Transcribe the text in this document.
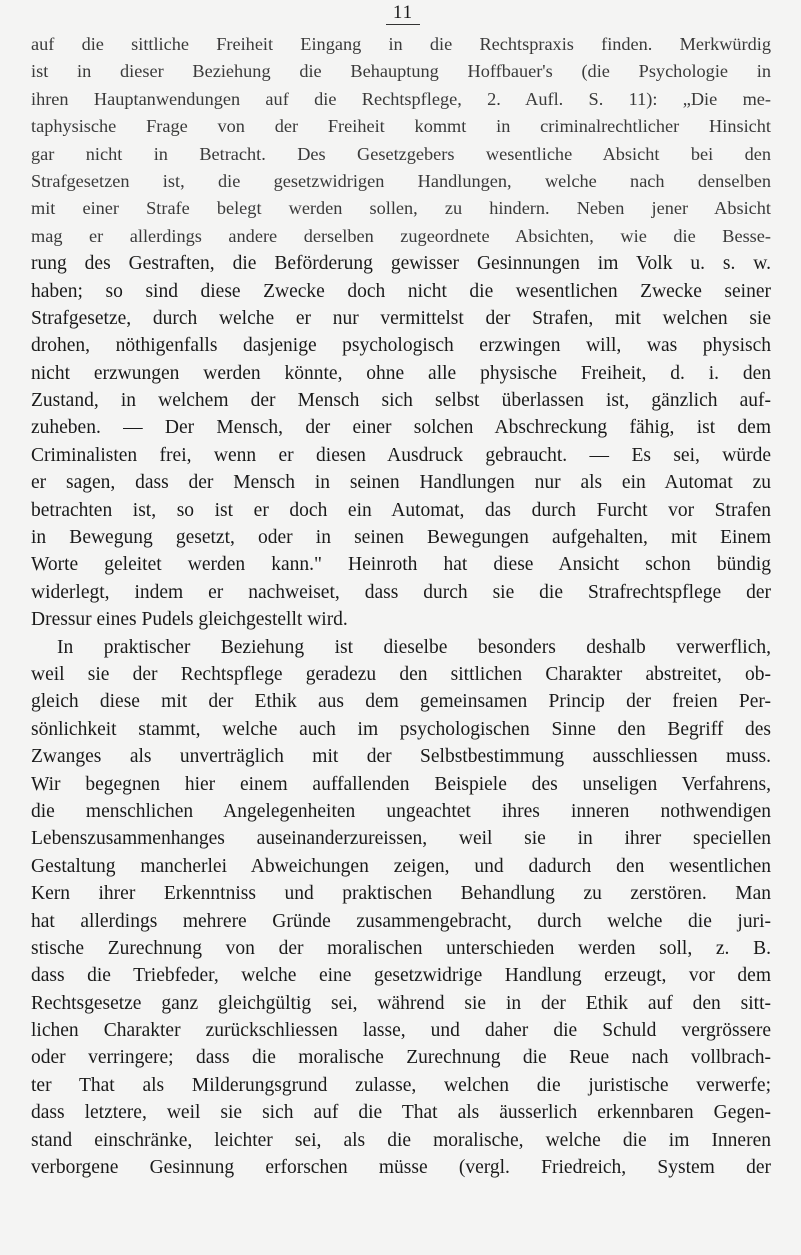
11
auf die sittliche Freiheit Eingang in die Rechtspraxis finden. Merkwürdig
ist in dieser Beziehung die Behauptung Hoffbauer's (die Psychologie in
ihren Hauptanwendungen auf die Rechtspflege, 2. Aufl. S. 11): „Die me-
taphysische Frage von der Freiheit kommt in criminalrechtlicher Hinsicht
gar nicht in Betracht. Des Gesetzgebers wesentliche Absicht bei den
Strafgesetzen ist, die gesetzwidrigen Handlungen, welche nach denselben
mit einer Strafe belegt werden sollen, zu hindern. Neben jener Absicht
mag er allerdings andere derselben zugeordnete Absichten, wie die Besse-
rung des Gestraften, die Beförderung gewisser Gesinnungen im Volk u. s. w.
haben; so sind diese Zwecke doch nicht die wesentlichen Zwecke seiner
Strafgesetze, durch welche er nur vermittelst der Strafen, mit welchen sie
drohen, nöthigenfalls dasjenige psychologisch erzwingen will, was physisch
nicht erzwungen werden könnte, ohne alle physische Freiheit, d. i. den
Zustand, in welchem der Mensch sich selbst überlassen ist, gänzlich auf-
zuheben. — Der Mensch, der einer solchen Abschreckung fähig, ist dem
Criminalisten frei, wenn er diesen Ausdruck gebraucht. — Es sei, würde
er sagen, dass der Mensch in seinen Handlungen nur als ein Automat zu
betrachten ist, so ist er doch ein Automat, das durch Furcht vor Strafen
in Bewegung gesetzt, oder in seinen Bewegungen aufgehalten, mit Einem
Worte geleitet werden kann." Heinroth hat diese Ansicht schon bündig
widerlegt, indem er nachweiset, dass durch sie die Strafrechtspflege der
Dressur eines Pudels gleichgestellt wird.
In praktischer Beziehung ist dieselbe besonders deshalb verwerflich,
weil sie der Rechtspflege geradezu den sittlichen Charakter abstreitet, ob-
gleich diese mit der Ethik aus dem gemeinsamen Princip der freien Per-
sönlichkeit stammt, welche auch im psychologischen Sinne den Begriff des
Zwanges als unverträglich mit der Selbstbestimmung ausschliessen muss.
Wir begegnen hier einem auffallenden Beispiele des unseligen Verfahrens,
die menschlichen Angelegenheiten ungeachtet ihres inneren nothwendigen
Lebenszusammenhanges auseinanderzureissen, weil sie in ihrer speciellen
Gestaltung mancherlei Abweichungen zeigen, und dadurch den wesentlichen
Kern ihrer Erkenntniss und praktischen Behandlung zu zerstören. Man
hat allerdings mehrere Gründe zusammengebracht, durch welche die juri-
stische Zurechnung von der moralischen unterschieden werden soll, z. B.
dass die Triebfeder, welche eine gesetzwidrige Handlung erzeugt, vor dem
Rechtsgesetze ganz gleichgültig sei, während sie in der Ethik auf den sitt-
lichen Charakter zurückschliessen lasse, und daher die Schuld vergrössere
oder verringere; dass die moralische Zurechnung die Reue nach vollbrach-
ter That als Milderungsgrund zulasse, welchen die juristische verwerfe;
dass letztere, weil sie sich auf die That als äusserlich erkennbaren Gegen-
stand einschränke, leichter sei, als die moralische, welche die im Inneren
verborgene Gesinnung erforschen müsse (vergl. Friedreich, System der
